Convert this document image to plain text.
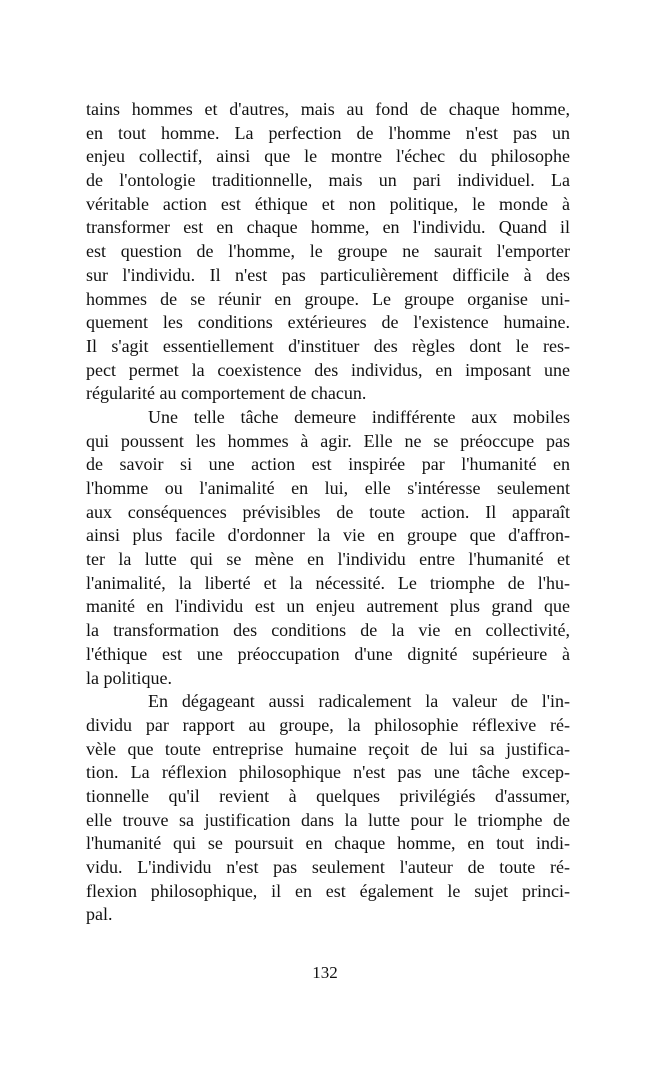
tains hommes et d'autres, mais au fond de chaque homme,
en tout homme. La perfection de l'homme n'est pas un
enjeu collectif, ainsi que le montre l'échec du philosophe
de l'ontologie traditionnelle, mais un pari individuel. La
véritable action est éthique et non politique, le monde à
transformer est en chaque homme, en l'individu. Quand il
est question de l'homme, le groupe ne saurait l'emporter
sur l'individu. Il n'est pas particulièrement difficile à des
hommes de se réunir en groupe. Le groupe organise uni-
quement les conditions extérieures de l'existence humaine.
Il s'agit essentiellement d'instituer des règles dont le res-
pect permet la coexistence des individus, en imposant une
régularité au comportement de chacun.
Une telle tâche demeure indifférente aux mobiles
qui poussent les hommes à agir. Elle ne se préoccupe pas
de savoir si une action est inspirée par l'humanité en
l'homme ou l'animalité en lui, elle s'intéresse seulement
aux conséquences prévisibles de toute action. Il apparaît
ainsi plus facile d'ordonner la vie en groupe que d'affron-
ter la lutte qui se mène en l'individu entre l'humanité et
l'animalité, la liberté et la nécessité. Le triomphe de l'hu-
manité en l'individu est un enjeu autrement plus grand que
la transformation des conditions de la vie en collectivité,
l'éthique est une préoccupation d'une dignité supérieure à
la politique.
En dégageant aussi radicalement la valeur de l'in-
dividu par rapport au groupe, la philosophie réflexive ré-
vèle que toute entreprise humaine reçoit de lui sa justifica-
tion. La réflexion philosophique n'est pas une tâche excep-
tionnelle qu'il revient à quelques privilégiés d'assumer,
elle trouve sa justification dans la lutte pour le triomphe de
l'humanité qui se poursuit en chaque homme, en tout indi-
vidu. L'individu n'est pas seulement l'auteur de toute ré-
flexion philosophique, il en est également le sujet princi-
pal.
132
